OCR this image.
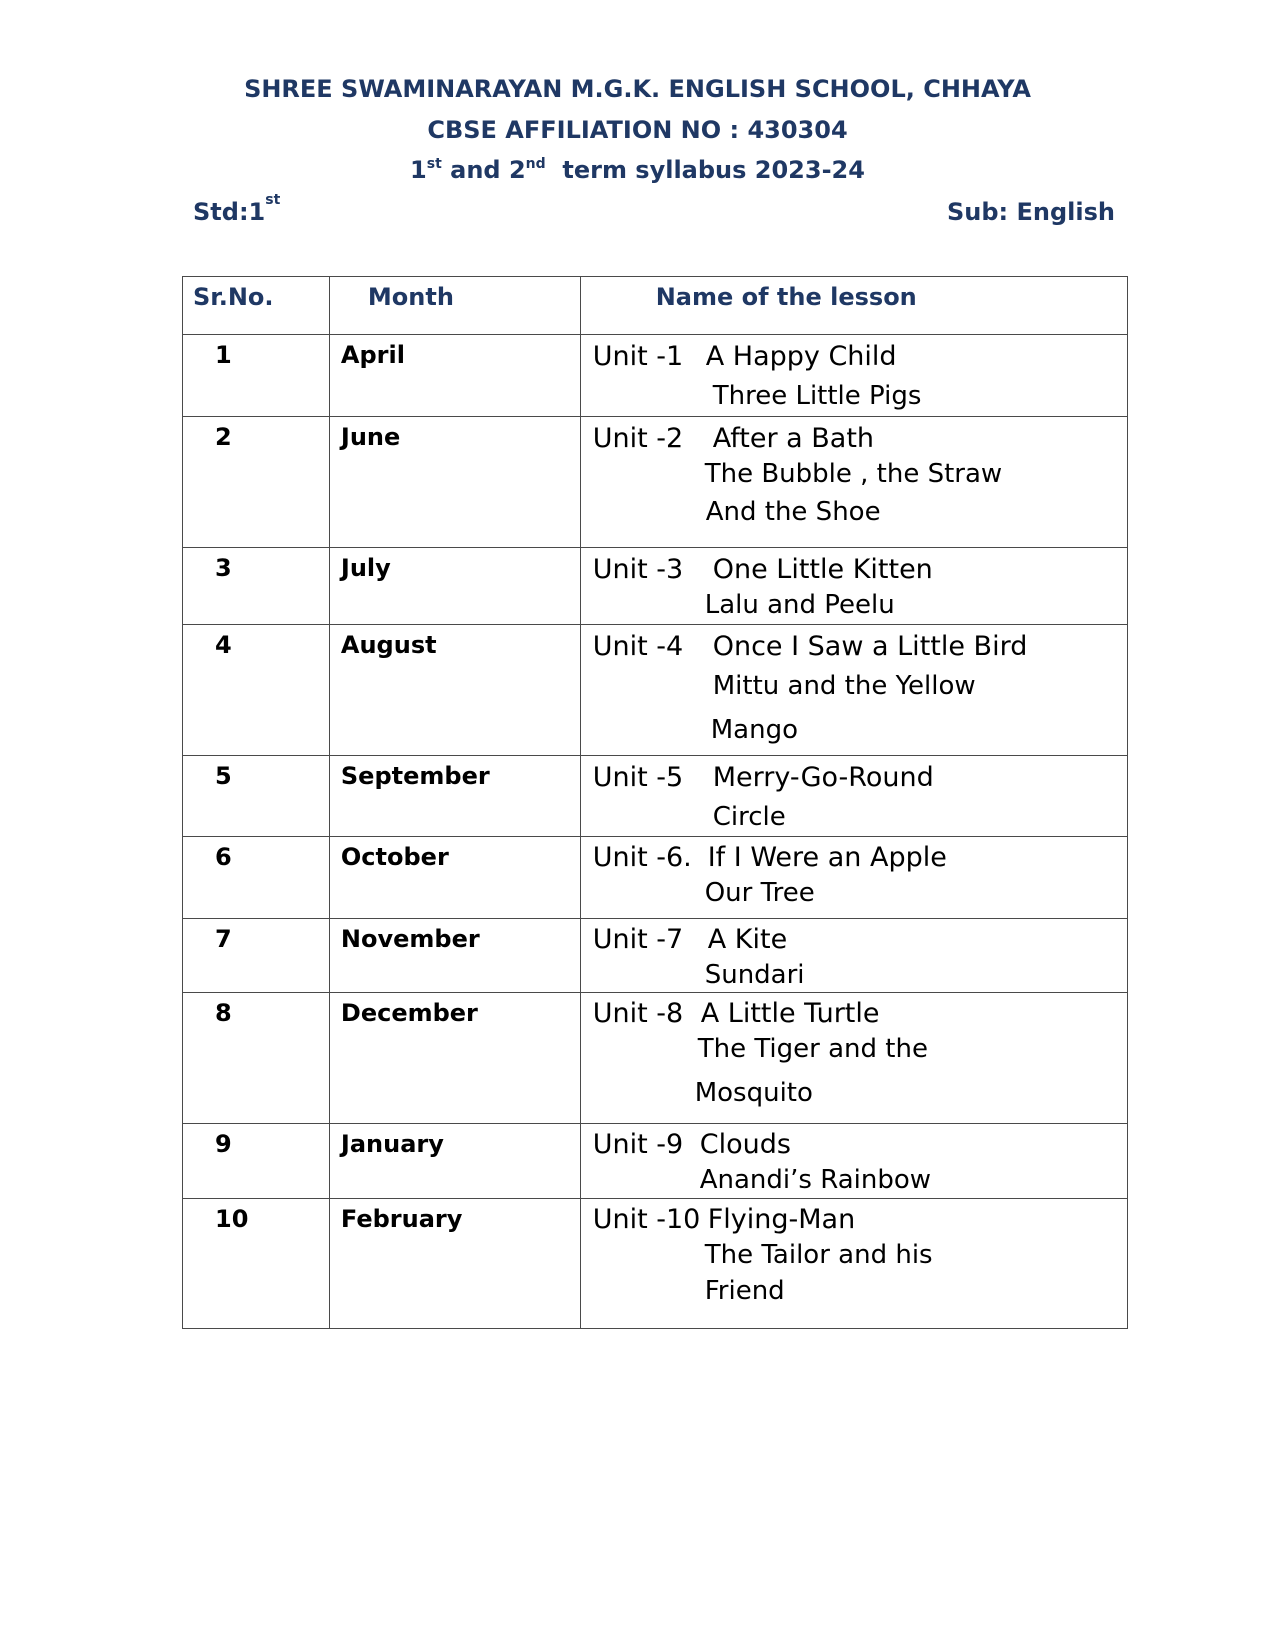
SHREE SWAMINARAYAN M.G.K. ENGLISH SCHOOL, CHHAYA
CBSE AFFILIATION NO : 430304
1st and 2nd  term syllabus 2023-24
Std:1st	Sub: English
Sr.No.	Month	Name of the lesson

1	April	Unit -1 A Happy Child
Three Little Pigs

2	June	Unit -2 After a Bath
The Bubble , the Straw
And the Shoe

3	July	Unit -3 One Little Kitten
Lalu and Peelu

4	August	Unit -4 Once I Saw a Little Bird
Mittu and the Yellow
Mango

5	September	Unit -5 Merry-Go-Round
Circle

6	October	Unit -6. If I Were an Apple
Our Tree

7	November	Unit -7 A Kite
Sundari

8	December	Unit -8 A Little Turtle
The Tiger and the
Mosquito

9	January	Unit -9 Clouds
Anandi’s Rainbow

10	February	Unit -10 Flying-Man
The Tailor and his
Friend
